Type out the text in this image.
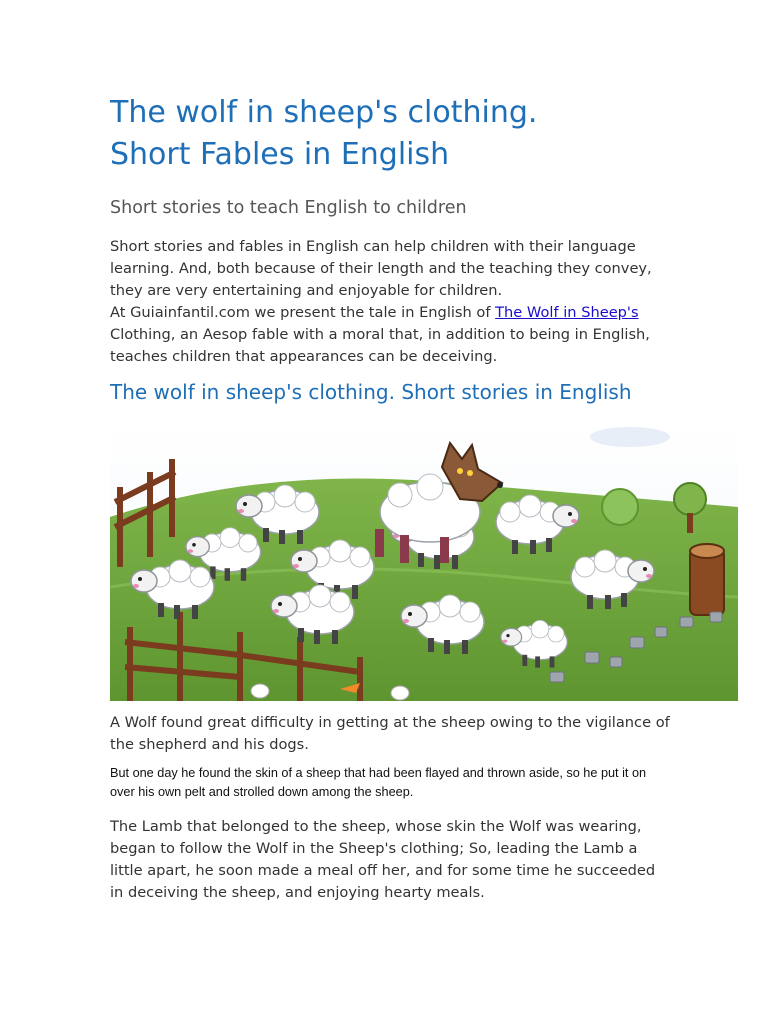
The wolf in sheep's clothing.
Short Fables in English
Short stories to teach English to children

Short stories and fables in English can help children with their language learning. And, both because of their length and the teaching they convey, they are very entertaining and enjoyable for children.
At Guiainfantil.com we present the tale in English of The Wolf in Sheep's Clothing, an Aesop fable with a moral that, in addition to being in English, teaches children that appearances can be deceiving.

The wolf in sheep's clothing. Short stories in English

A Wolf found great difficulty in getting at the sheep owing to the vigilance of the shepherd and his dogs.

But one day he found the skin of a sheep that had been flayed and thrown aside, so he put it on over his own pelt and strolled down among the sheep.

The Lamb that belonged to the sheep, whose skin the Wolf was wearing, began to follow the Wolf in the Sheep's clothing; So, leading the Lamb a little apart, he soon made a meal off her, and for some time he succeeded in deceiving the sheep, and enjoying hearty meals.
